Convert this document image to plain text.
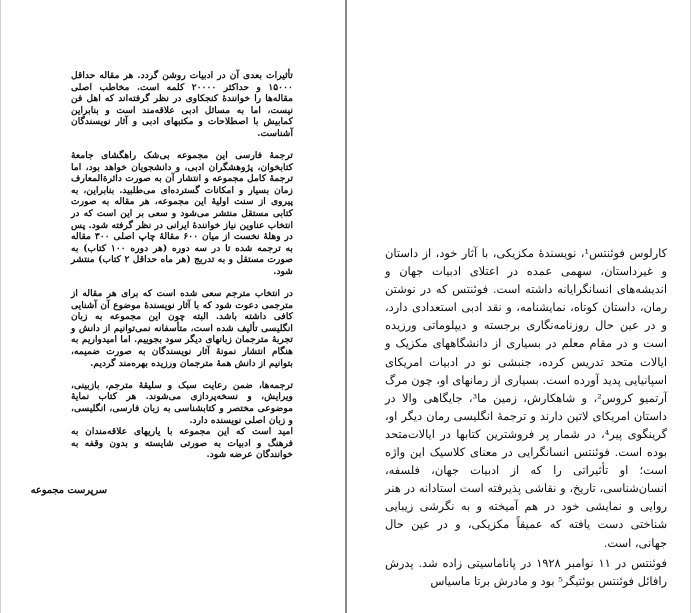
تأثیرات بعدی آن در ادبیات روشن گردد. هر مقاله حداقل ۱۵۰۰۰ و حداکثر ۲۰۰۰۰ کلمه است. مخاطب اصلی مقاله‌ها را خوانندهٔ کنجکاوی در نظر گرفته‌اند که اهل فن نیست، اما به مسائل ادبی علاقه‌مند است و بنابراین کمابیش با اصطلاحات و مکتبهای ادبی و آثار نویسندگان آشناست.

ترجمهٔ فارسی این مجموعه بی‌شک راهگشای جامعهٔ کتابخوان، پژوهشگران ادبی، و دانشجویان خواهد بود، اما ترجمهٔ کامل مجموعه و انتشار آن به صورت دائرة‌المعارف زمان بسیار و امکانات گسترده‌ای می‌طلبید. بنابراین، به پیروی از سنت اولیهٔ این مجموعه، هر مقاله به صورت کتابی مستقل منتشر می‌شود و سعی بر این است که در انتخاب عناوین نیاز خوانندهٔ ایرانی در نظر گرفته شود. پس در وهلهٔ نخست از میان ۶۰۰ مقالهٔ چاپ اصلی ۳۰۰ مقاله به ترجمه شده تا در سه دوره (هر دوره ۱۰۰ کتاب) به صورت مستقل و به تدریج (هر ماه حداقل ۲ کتاب) منتشر شود.

در انتخاب مترجم سعی شده است که برای هر مقاله از مترجمی دعوت شود که با آثار نویسندهٔ موضوع آن آشنایی کافی داشته باشد. البته چون این مجموعه به زبان انگلیسی تألیف شده است، متأسفانه نمی‌توانیم از دانش و تجربهٔ مترجمان زبانهای دیگر سود بجوییم. اما امیدواریم به هنگام انتشار نمونهٔ آثار نویسندگان به صورت ضمیمه، بتوانیم از دانش همهٔ مترجمان ورزیده بهره‌مند گردیم.

ترجمه‌ها، ضمن رعایت سبک و سلیقهٔ مترجم، بازبینی، ویرایش، و نسخه‌پردازی می‌شوند. هر کتاب نمایهٔ موضوعی مختصر و کتابشناسی به زبان فارسی، انگلیسی، و زبان اصلی نویسنده دارد.

امید است که این مجموعه با یاریهای علاقه‌مندان به فرهنگ و ادبیات به صورتی شایسته و بدون وقفه به خوانندگان عرضه شود.

سرپرست مجموعه

کارلوس فوئنتس¹، نویسندهٔ مکزیکی، با آثار خود، از داستان و غیرداستان، سهمی عمده در اعتلای ادبیات جهان و اندیشه‌های انسانگرایانه داشته است. فوئنتس که در نوشتن رمان، داستان کوتاه، نمایشنامه، و نقد ادبی استعدادی دارد، و در عین حال روزنامه‌نگاری برجسته و دیپلوماتی ورزیده است و در مقام معلم در بسیاری از دانشگاههای مکزیک و ایالات متحد تدریس کرده، جنبشی نو در ادبیات امریکای اسپانیایی پدید آورده است. بسیاری از رمانهای او، چون مرگ آرتمیو کروس²، و شاهکارش، زمین ما³، جایگاهی والا در داستان امریکای لاتین دارند و ترجمهٔ انگلیسی رمان دیگر او، گرینگوی پیر⁴، در شمار پر فروشترین کتابها در ایالات‌متحد بوده است. فوئنتس انسانگرایی در معنای کلاسیک این واژه است؛ او تأثیراتی را که از ادبیات جهان، فلسفه، انسان‌شناسی، تاریخ، و نقاشی پذیرفته است استادانه در هنر روایی و نمایشی خود در هم آمیخته و به نگرشی زیبایی شناختی دست یافته که عمیقاً مکزیکی، و در عین حال جهانی، است.

فوئنتس در ۱۱ نوامبر ۱۹۲۸ در پاناماسیتی زاده شد. پدرش رافائل فوئنتس بوئتیگر⁵ بود و مادرش برتا ماسیاس
